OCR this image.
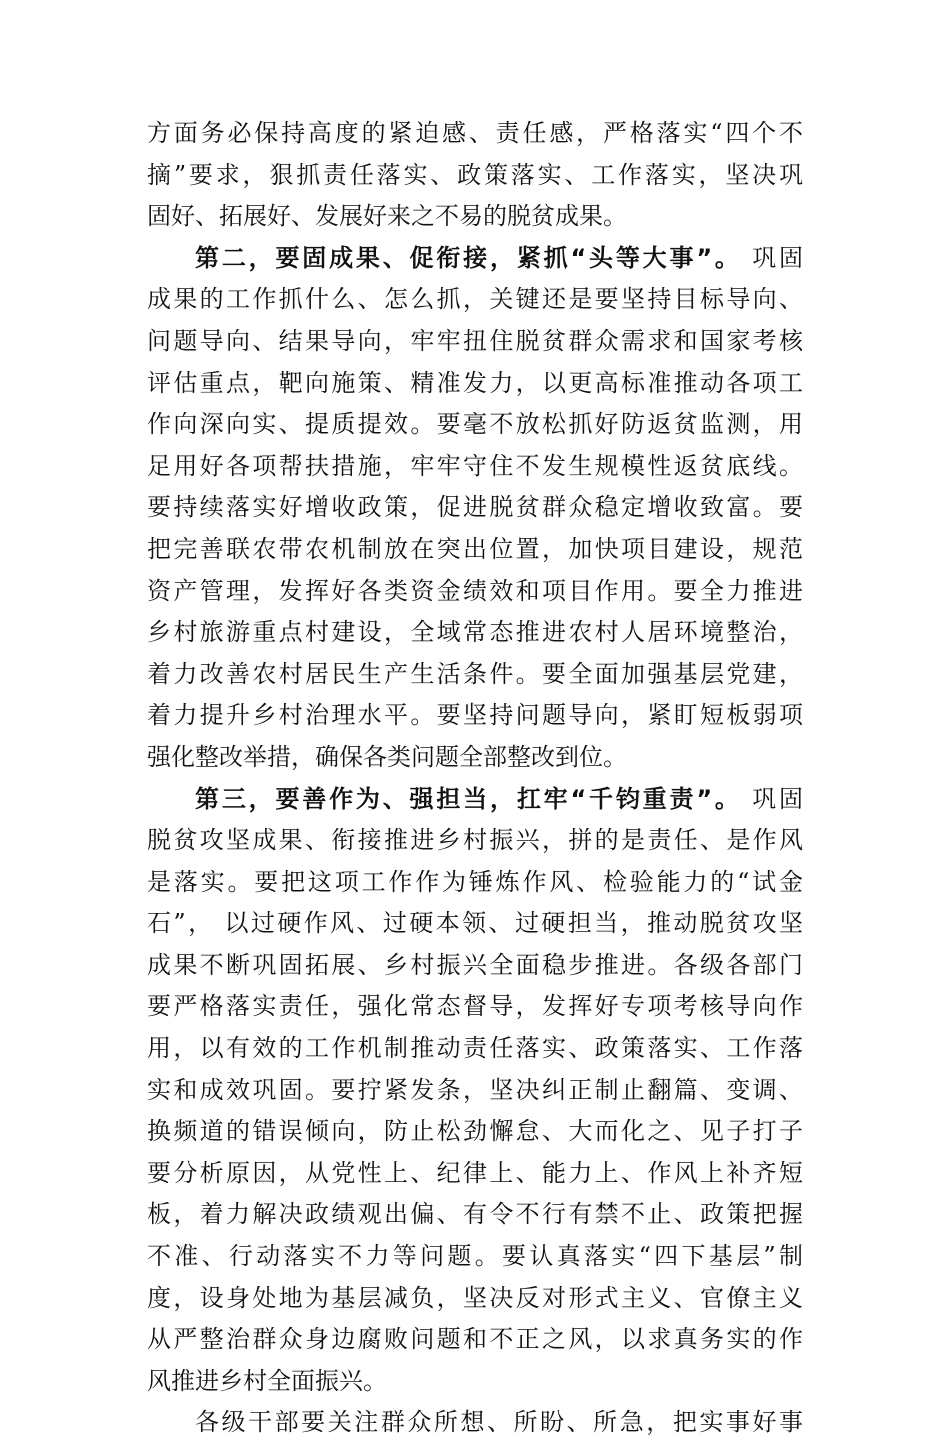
方面务必保持高度的紧迫感、责任感，严格落实“四个不
摘”要求，狠抓责任落实、政策落实、工作落实，坚决巩
固好、拓展好、发展好来之不易的脱贫成果。
第二，要固成果、促衔接，紧抓“头等大事”。 巩固
成果的工作抓什么、怎么抓，关键还是要坚持目标导向、
问题导向、结果导向，牢牢扭住脱贫群众需求和国家考核
评估重点，靶向施策、精准发力，以更高标准推动各项工
作向深向实、提质提效。要毫不放松抓好防返贫监测，用
足用好各项帮扶措施，牢牢守住不发生规模性返贫底线。
要持续落实好增收政策，促进脱贫群众稳定增收致富。要
把完善联农带农机制放在突出位置，加快项目建设，规范
资产管理，发挥好各类资金绩效和项目作用。要全力推进
乡村旅游重点村建设，全域常态推进农村人居环境整治，
着力改善农村居民生产生活条件。要全面加强基层党建，
着力提升乡村治理水平。要坚持问题导向，紧盯短板弱项
强化整改举措，确保各类问题全部整改到位。
第三，要善作为、强担当，扛牢“千钧重责”。 巩固
脱贫攻坚成果、衔接推进乡村振兴，拼的是责任、是作风
是落实。要把这项工作作为锤炼作风、检验能力的“试金
石”， 以过硬作风、过硬本领、过硬担当，推动脱贫攻坚
成果不断巩固拓展、乡村振兴全面稳步推进。各级各部门
要严格落实责任，强化常态督导，发挥好专项考核导向作
用，以有效的工作机制推动责任落实、政策落实、工作落
实和成效巩固。要拧紧发条，坚决纠正制止翻篇、变调、
换频道的错误倾向，防止松劲懈怠、大而化之、见子打子
要分析原因，从党性上、纪律上、能力上、作风上补齐短
板，着力解决政绩观出偏、有令不行有禁不止、政策把握
不准、行动落实不力等问题。要认真落实“四下基层”制
度，设身处地为基层减负，坚决反对形式主义、官僚主义
从严整治群众身边腐败问题和不正之风，以求真务实的作
风推进乡村全面振兴。
各级干部要关注群众所想、所盼、所急，把实事好事
